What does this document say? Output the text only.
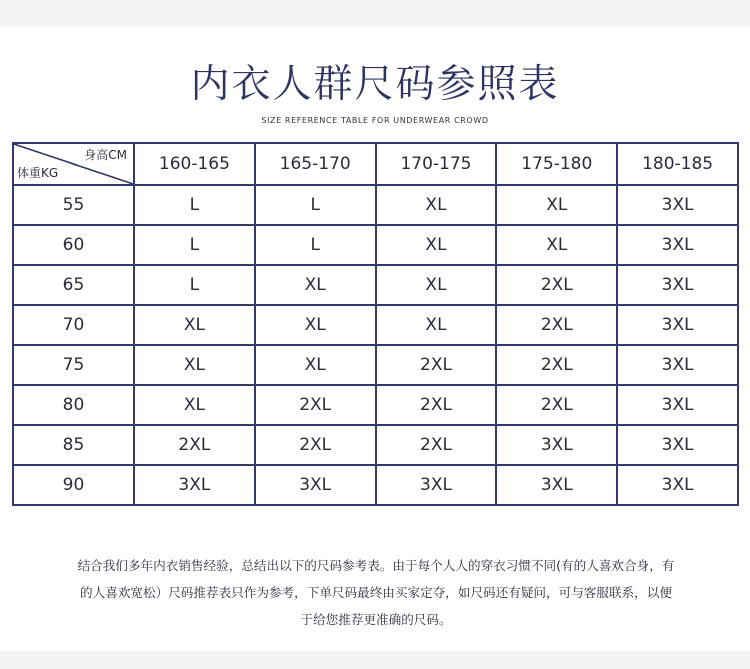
内衣人群尺码参照表
SIZE REFERENCE TABLE FOR UNDERWEAR CROWD
身高CM
体重KG	160-165	165-170	170-175	175-180	180-185
55	L	L	XL	XL	3XL
60	L	L	XL	XL	3XL
65	L	XL	XL	2XL	3XL
70	XL	XL	XL	2XL	3XL
75	XL	XL	2XL	2XL	3XL
80	XL	2XL	2XL	2XL	3XL
85	2XL	2XL	2XL	3XL	3XL
90	3XL	3XL	3XL	3XL	3XL
结合我们多年内衣销售经验，总结出以下的尺码参考表。由于每个人人的穿衣习惯不同(有的人喜欢合身，有
的人喜欢宽松）尺码推荐表只作为参考，下单尺码最终由买家定夺，如尺码还有疑问，可与客服联系，以便
于给您推荐更准确的尺码。
